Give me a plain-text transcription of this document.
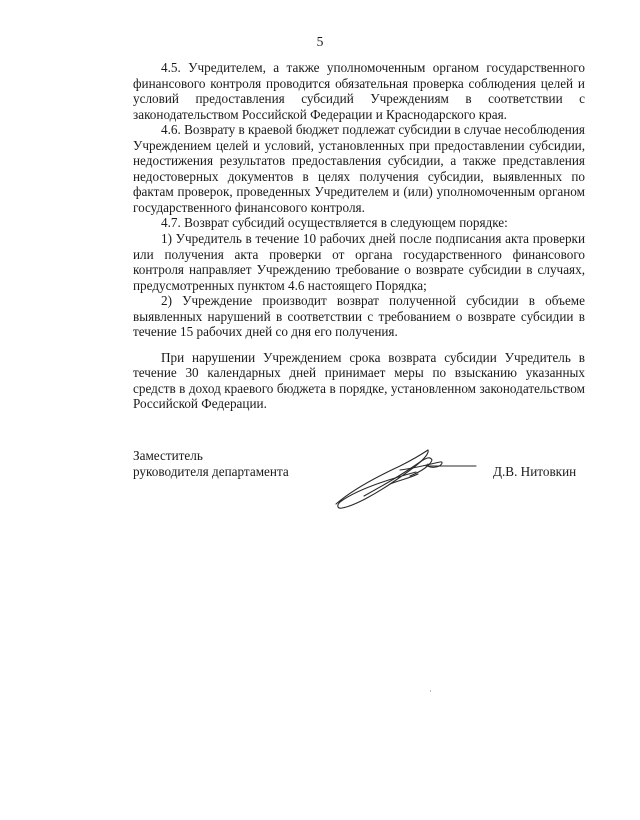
5

4.5. Учредителем, а также уполномоченным органом государственного финансового контроля проводится обязательная проверка соблюдения целей и условий предоставления субсидий Учреждениям в соответствии с законодательством Российской Федерации и Краснодарского края.

4.6. Возврату в краевой бюджет подлежат субсидии в случае несоблюдения Учреждением целей и условий, установленных при предоставлении субсидии, недостижения результатов предоставления субсидии, а также представления недостоверных документов в целях получения субсидии, выявленных по фактам проверок, проведенных Учредителем и (или) уполномоченным органом государственного финансового контроля.

4.7. Возврат субсидий осуществляется в следующем порядке:

1) Учредитель в течение 10 рабочих дней после подписания акта проверки или получения акта проверки от органа государственного финансового контроля направляет Учреждению требование о возврате субсидии в случаях, предусмотренных пунктом 4.6 настоящего Порядка;

2) Учреждение производит возврат полученной субсидии в объеме выявленных нарушений в соответствии с требованием о возврате субсидии в течение 15 рабочих дней со дня его получения.

При нарушении Учреждением срока возврата субсидии Учредитель в течение 30 календарных дней принимает меры по взысканию указанных средств в доход краевого бюджета в порядке, установленном законодательством Российской Федерации.

Заместитель
руководителя департамента	Д.В. Нитовкин
